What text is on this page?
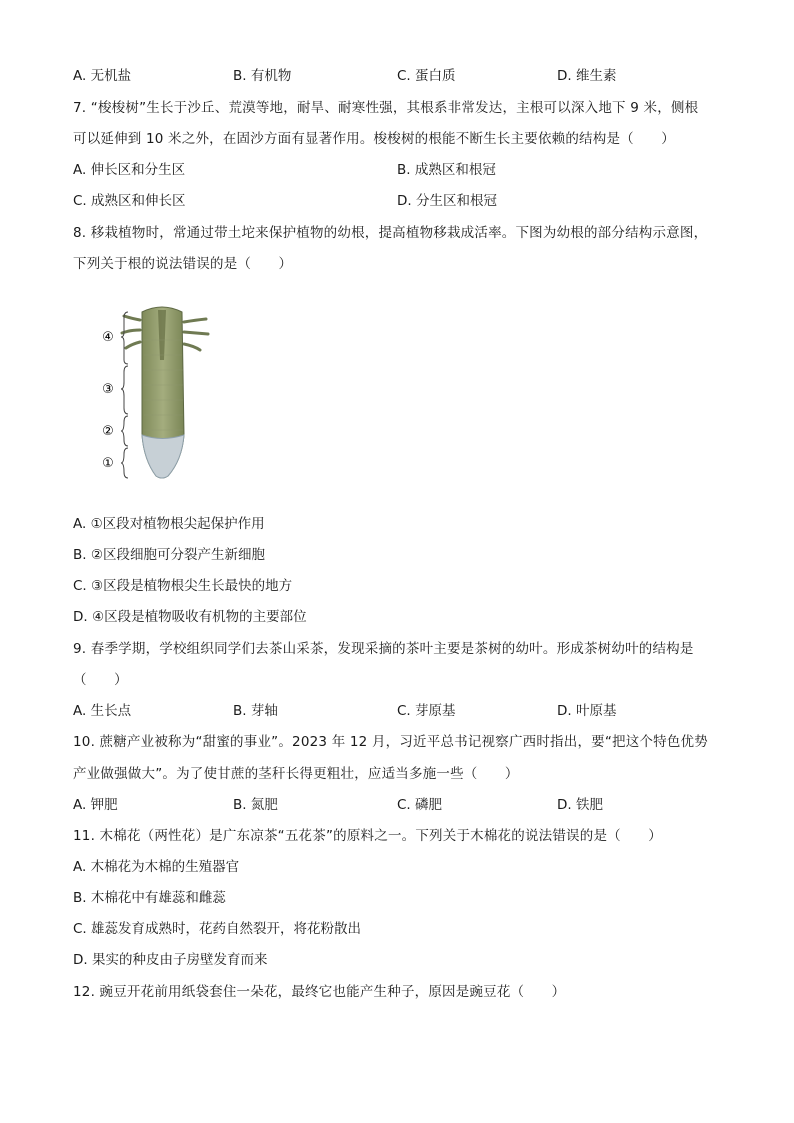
A. 无机盐	B. 有机物	C. 蛋白质	D. 维生素
7. “梭梭树”生长于沙丘、荒漠等地，耐旱、耐寒性强，其根系非常发达，主根可以深入地下 9 米，侧根
可以延伸到 10 米之外，在固沙方面有显著作用。梭梭树的根能不断生长主要依赖的结构是（　　）
A. 伸长区和分生区	B. 成熟区和根冠
C. 成熟区和伸长区	D. 分生区和根冠
8. 移栽植物时，常通过带土坨来保护植物的幼根，提高植物移栽成活率。下图为幼根的部分结构示意图，
下列关于根的说法错误的是（　　）
④
③
②
①
A. ①区段对植物根尖起保护作用
B. ②区段细胞可分裂产生新细胞
C. ③区段是植物根尖生长最快的地方
D. ④区段是植物吸收有机物的主要部位
9. 春季学期，学校组织同学们去茶山采茶，发现采摘的茶叶主要是茶树的幼叶。形成茶树幼叶的结构是
（　　）
A. 生长点	B. 芽轴	C. 芽原基	D. 叶原基
10. 蔗糖产业被称为“甜蜜的事业”。2023 年 12 月，习近平总书记视察广西时指出，要“把这个特色优势
产业做强做大”。为了使甘蔗的茎秆长得更粗壮，应适当多施一些（　　）
A. 钾肥	B. 氮肥	C. 磷肥	D. 铁肥
11. 木棉花（两性花）是广东凉茶“五花茶”的原料之一。下列关于木棉花的说法错误的是（　　）
A. 木棉花为木棉的生殖器官
B. 木棉花中有雄蕊和雌蕊
C. 雄蕊发育成熟时，花药自然裂开，将花粉散出
D. 果实的种皮由子房壁发育而来
12. 豌豆开花前用纸袋套住一朵花，最终它也能产生种子，原因是豌豆花（　　）
